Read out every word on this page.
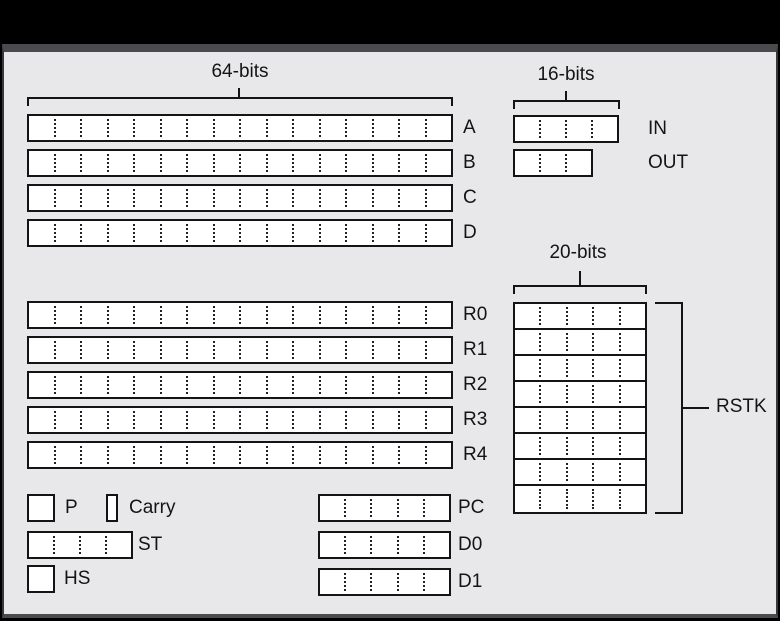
64-bits	16-bits
20-bits
A
B
C
D
R0
R1
R2
R3
R4
IN
OUT
PC
D0
D1
RSTK
P	Carry
ST
HS
